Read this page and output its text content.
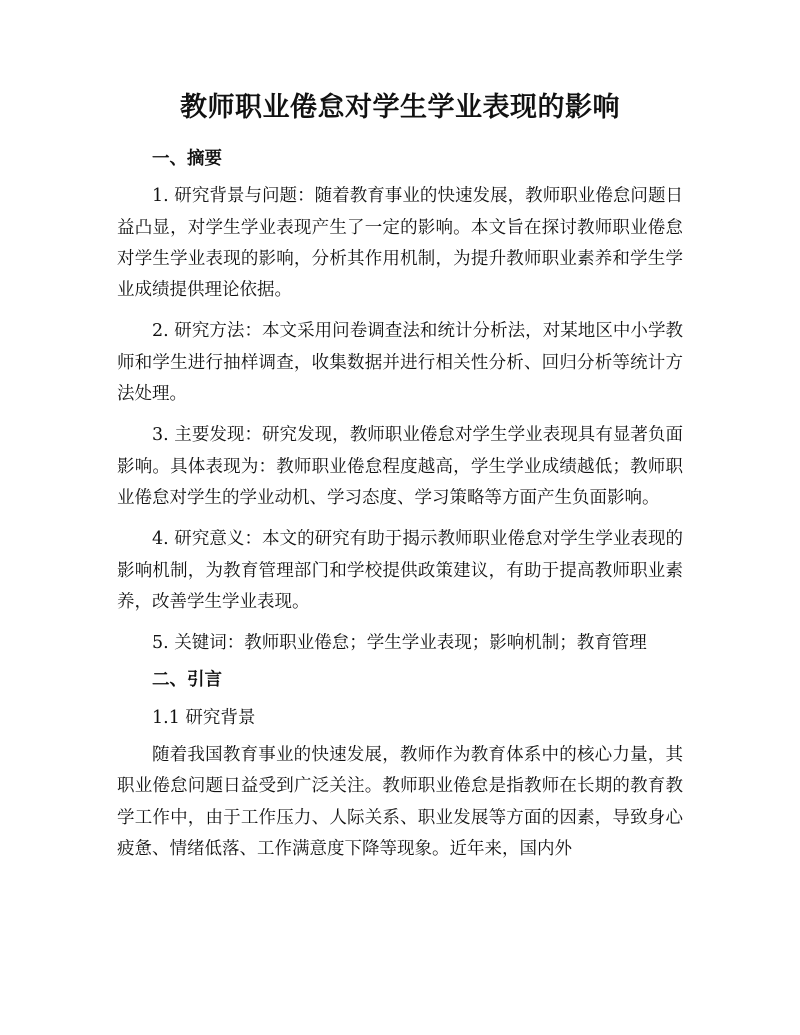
教师职业倦怠对学生学业表现的影响

一、摘要

1. 研究背景与问题：随着教育事业的快速发展，教师职业倦怠问题日益凸显，对学生学业表现产生了一定的影响。本文旨在探讨教师职业倦怠对学生学业表现的影响，分析其作用机制，为提升教师职业素养和学生学业成绩提供理论依据。

2. 研究方法：本文采用问卷调查法和统计分析法，对某地区中小学教师和学生进行抽样调查，收集数据并进行相关性分析、回归分析等统计方法处理。

3. 主要发现：研究发现，教师职业倦怠对学生学业表现具有显著负面影响。具体表现为：教师职业倦怠程度越高，学生学业成绩越低；教师职业倦怠对学生的学业动机、学习态度、学习策略等方面产生负面影响。

4. 研究意义：本文的研究有助于揭示教师职业倦怠对学生学业表现的影响机制，为教育管理部门和学校提供政策建议，有助于提高教师职业素养，改善学生学业表现。

5. 关键词：教师职业倦怠；学生学业表现；影响机制；教育管理

二、引言

1.1 研究背景

随着我国教育事业的快速发展，教师作为教育体系中的核心力量，其职业倦怠问题日益受到广泛关注。教师职业倦怠是指教师在长期的教育教学工作中，由于工作压力、人际关系、职业发展等方面的因素，导致身心疲惫、情绪低落、工作满意度下降等现象。近年来，国内外
